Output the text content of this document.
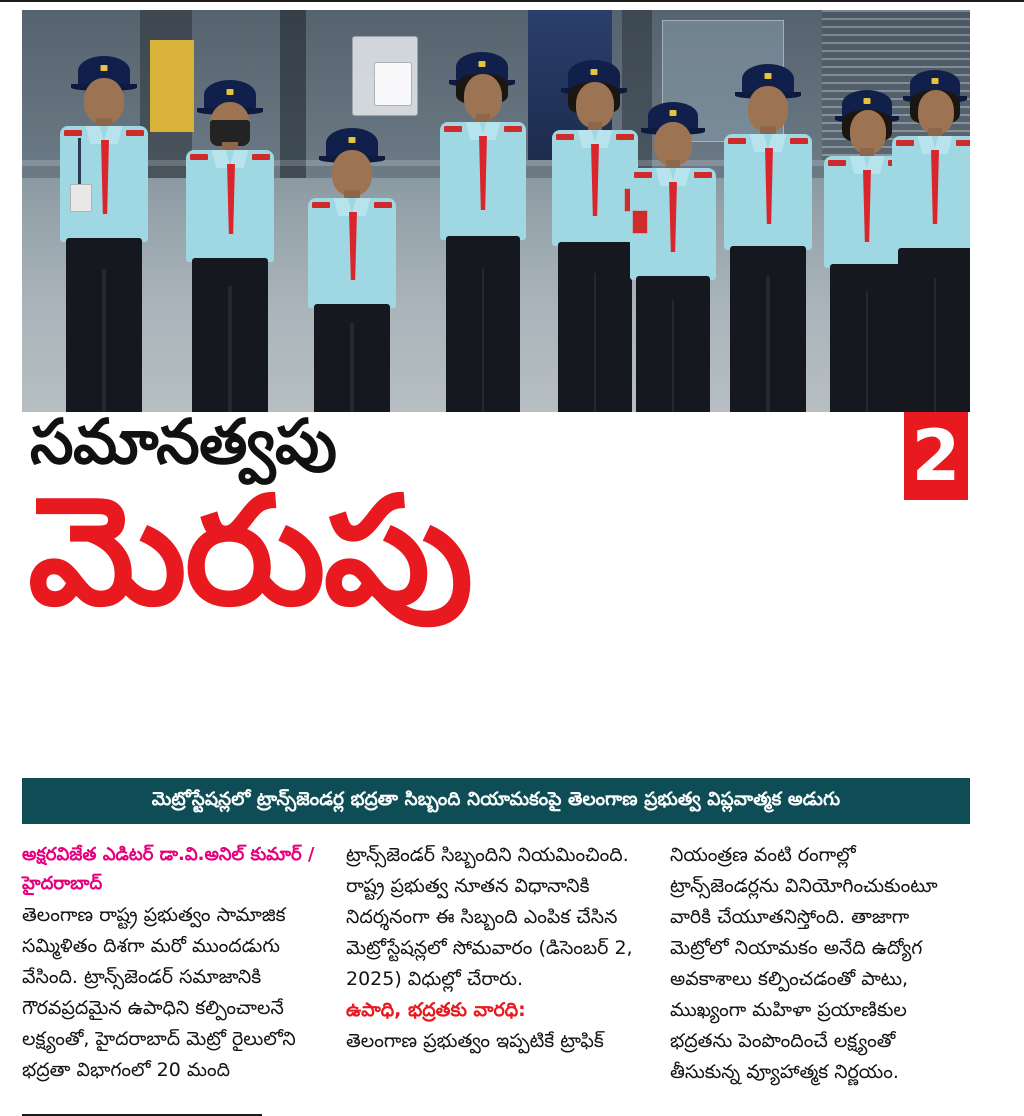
సమానత్వపు
మెరుపు
2
మెట్రోస్టేషన్లలో ట్రాన్స్‌జెండర్ల భద్రతా సిబ్బంది నియామకంపై తెలంగాణ ప్రభుత్వ విప్లవాత్మక అడుగు
అక్షరవిజేత ఎడిటర్ డా.వి.అనిల్ కుమార్ / హైదరాబాద్
తెలంగాణ రాష్ట్ర ప్రభుత్వం సామాజిక సమ్మిళితం దిశగా మరో ముందడుగు వేసింది. ట్రాన్స్‌జెండర్ సమాజానికి గౌరవప్రదమైన ఉపాధిని కల్పించాలనే లక్ష్యంతో, హైదరాబాద్ మెట్రో రైలులోని భద్రతా విభాగంలో 20 మంది
ట్రాన్స్‌జెండర్ సిబ్బందిని నియమించింది. రాష్ట్ర ప్రభుత్వ నూతన విధానానికి నిదర్శనంగా ఈ సిబ్బంది ఎంపిక చేసిన మెట్రోస్టేషన్లలో సోమవారం (డిసెంబర్ 2, 2025) విధుల్లో చేరారు.
ఉపాధి, భద్రతకు వారధి:
తెలంగాణ ప్రభుత్వం ఇప్పటికే ట్రాఫిక్
నియంత్రణ వంటి రంగాల్లో ట్రాన్స్‌జెండర్లను వినియోగించుకుంటూ వారికి చేయూతనిస్తోంది. తాజాగా మెట్రోలో నియామకం అనేది ఉద్యోగ అవకాశాలు కల్పించడంతో పాటు, ముఖ్యంగా మహిళా ప్రయాణికుల భద్రతను పెంపొందించే లక్ష్యంతో తీసుకున్న వ్యూహాత్మక నిర్ణయం.
